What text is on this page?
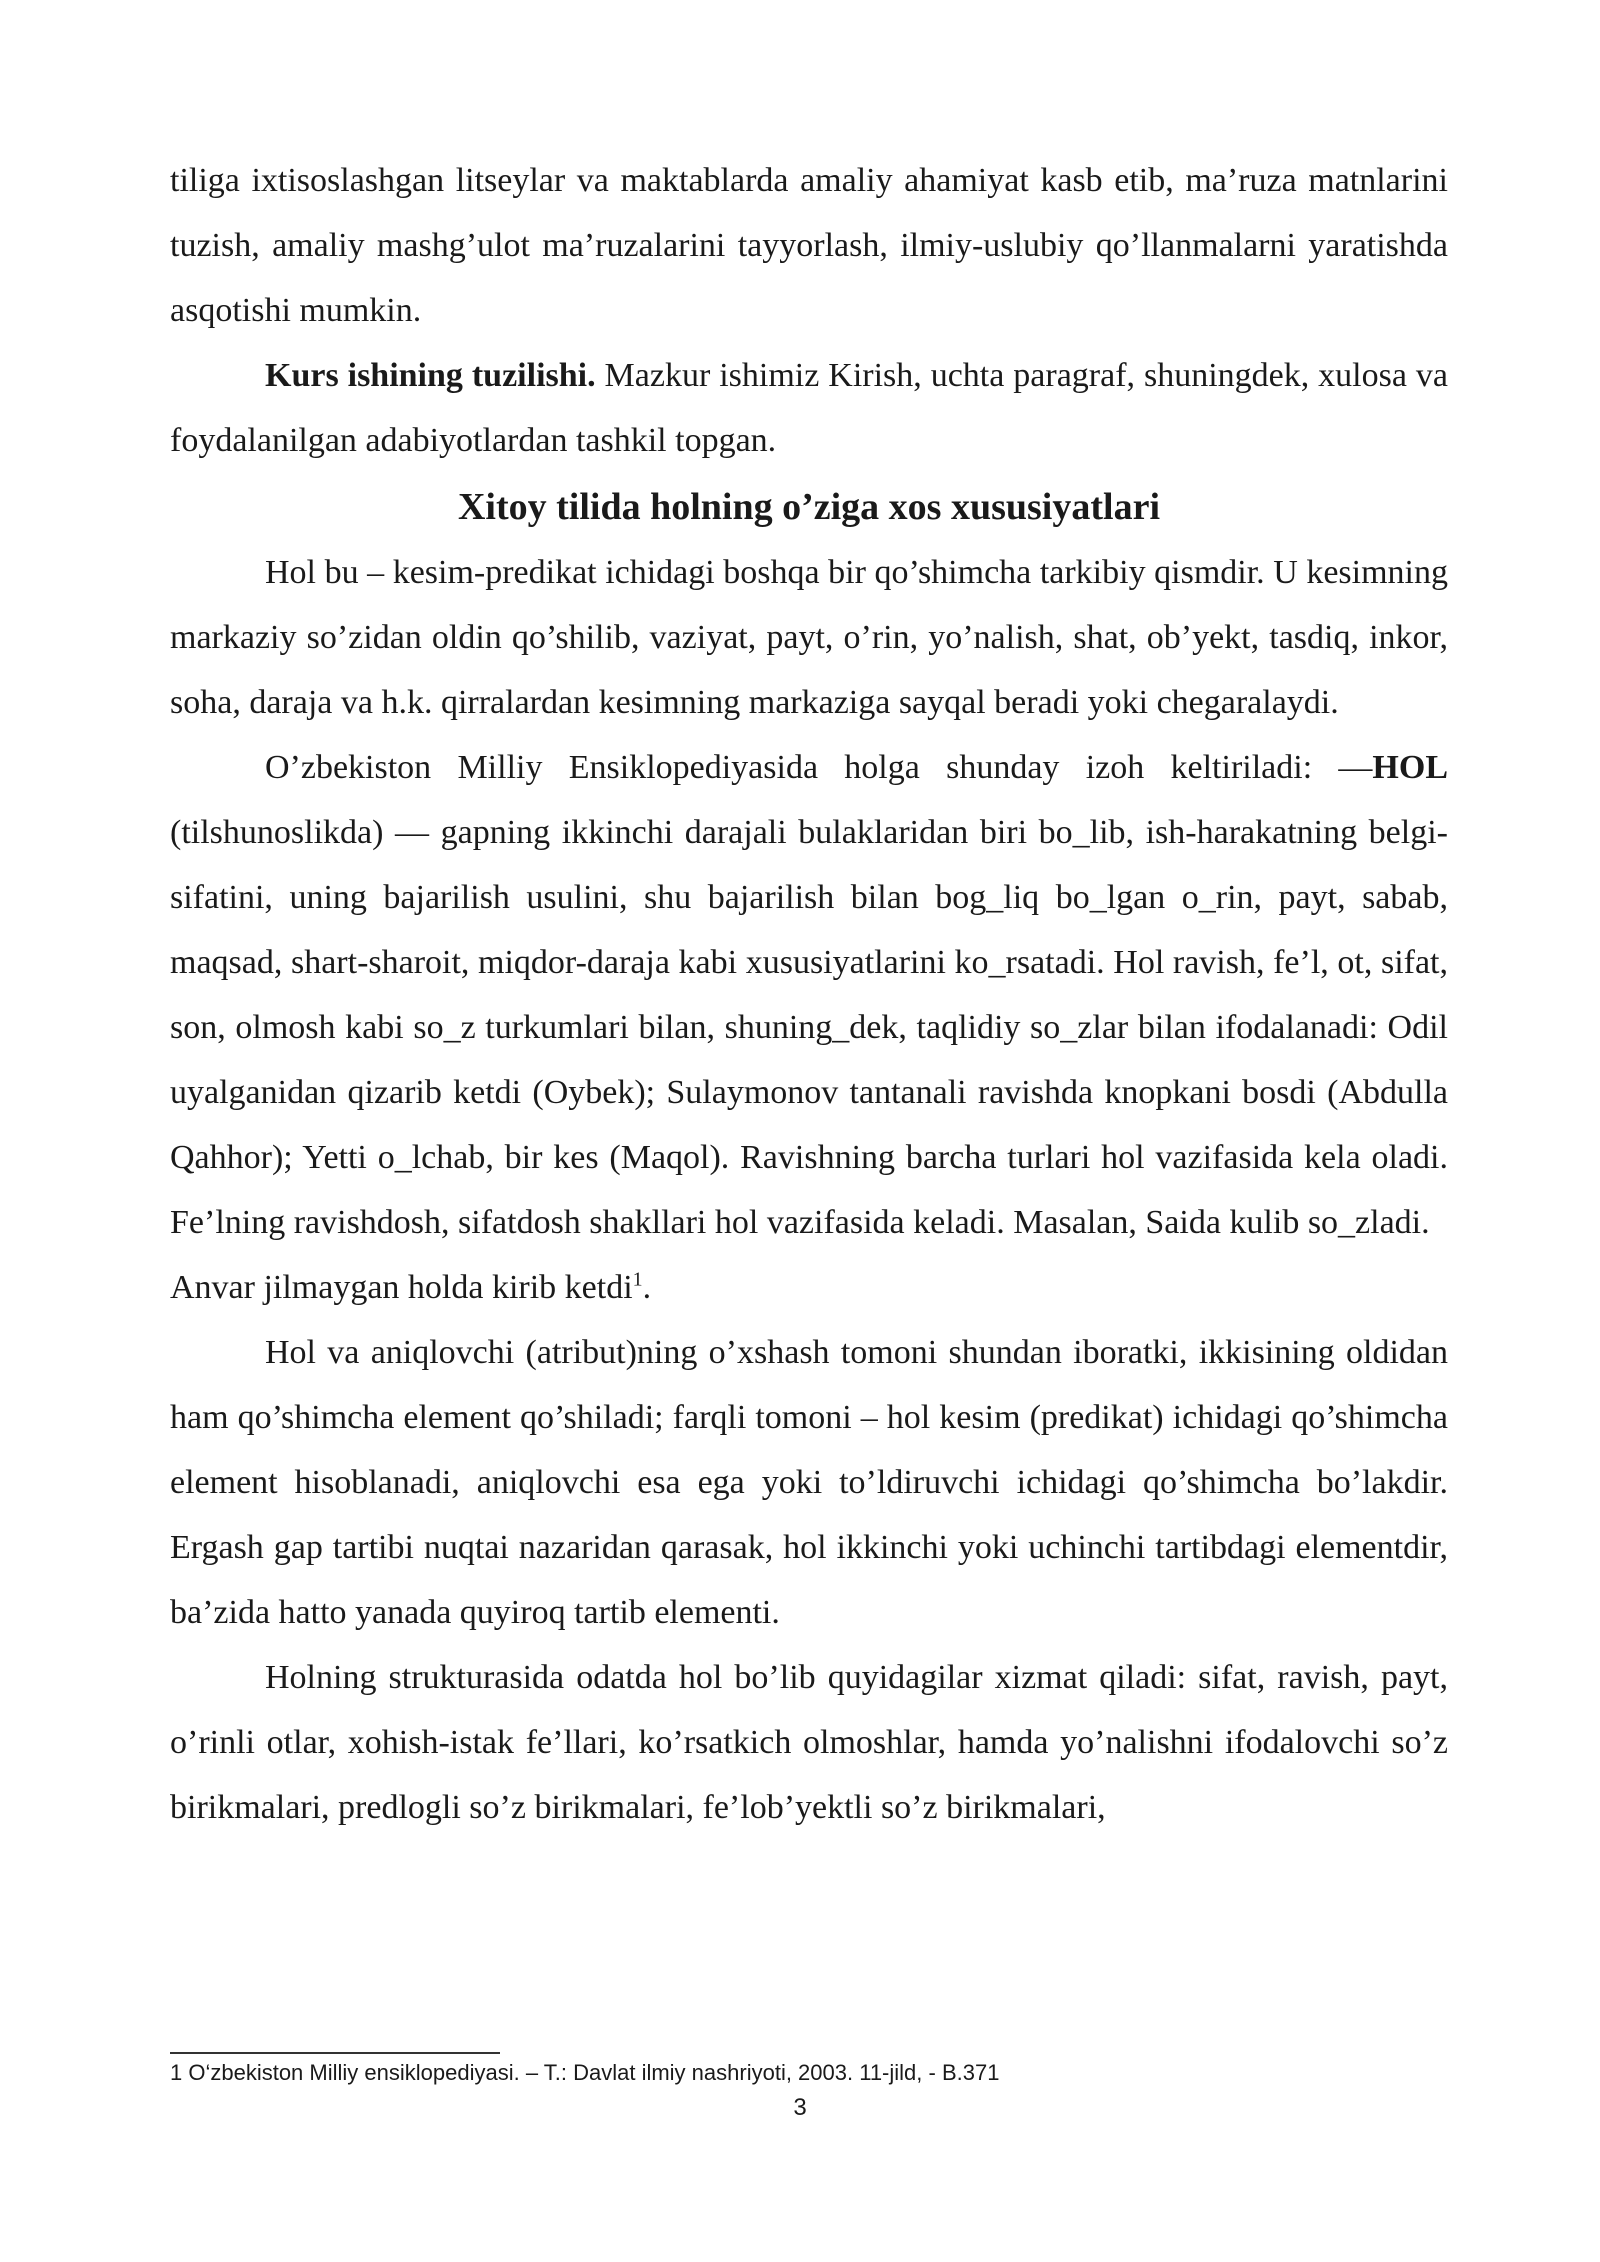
tiliga ixtisoslashgan litseylar va maktablarda amaliy ahamiyat kasb etib, ma’ruza matnlarini tuzish, amaliy mashg’ulot ma’ruzalarini tayyorlash, ilmiy-uslubiy qo’llanmalarni yaratishda asqotishi mumkin.

Kurs ishining tuzilishi. Mazkur ishimiz Kirish, uchta paragraf, shuningdek, xulosa va foydalanilgan adabiyotlardan tashkil topgan.

Xitoy tilida holning o’ziga xos xususiyatlari

Hol bu – kesim-predikat ichidagi boshqa bir qo’shimcha tarkibiy qismdir. U kesimning markaziy so’zidan oldin qo’shilib, vaziyat, payt, o’rin, yo’nalish, shat, ob’yekt, tasdiq, inkor, soha, daraja va h.k. qirralardan kesimning markaziga sayqal beradi yoki chegaralaydi.

O’zbekiston Milliy Ensiklopediyasida holga shunday izoh keltiriladi: —HOL (tilshunoslikda) — gapning ikkinchi darajali bulaklaridan biri bo_lib, ish-harakatning belgi-sifatini, uning bajarilish usulini, shu bajarilish bilan bog_liq bo_lgan o_rin, payt, sabab, maqsad, shart-sharoit, miqdor-daraja kabi xususiyatlarini ko_rsatadi. Hol ravish, fe’l, ot, sifat, son, olmosh kabi so_z turkumlari bilan, shuning_dek, taqlidiy so_zlar bilan ifodalanadi: Odil uyalganidan qizarib ketdi (Oybek); Sulaymonov tantanali ravishda knopkani bosdi (Abdulla Qahhor); Yetti o_lchab, bir kes (Maqol). Ravishning barcha turlari hol vazifasida kela oladi. Fe’lning ravishdosh, sifatdosh shakllari hol vazifasida keladi. Masalan, Saida kulib so_zladi.

Anvar jilmaygan holda kirib ketdi$^1$.

Hol va aniqlovchi (atribut)ning o’xshash tomoni shundan iboratki, ikkisining oldidan ham qo’shimcha element qo’shiladi; farqli tomoni – hol kesim (predikat) ichidagi qo’shimcha element hisoblanadi, aniqlovchi esa ega yoki to’ldiruvchi ichidagi qo’shimcha bo’lakdir. Ergash gap tartibi nuqtai nazaridan qarasak, hol ikkinchi yoki uchinchi tartibdagi elementdir, ba’zida hatto yanada quyiroq tartib elementi.

Holning strukturasida odatda hol bo’lib quyidagilar xizmat qiladi: sifat, ravish, payt, o’rinli otlar, xohish-istak fe’llari, ko’rsatkich olmoshlar, hamda yo’nalishni ifodalovchi so’z birikmalari, predlogli so’z birikmalari, fe’lob’yektli so’z birikmalari,

1 O‘zbekiston Milliy ensiklopediyasi. – T.: Davlat ilmiy nashriyoti, 2003. 11-jild, - B.371
3
